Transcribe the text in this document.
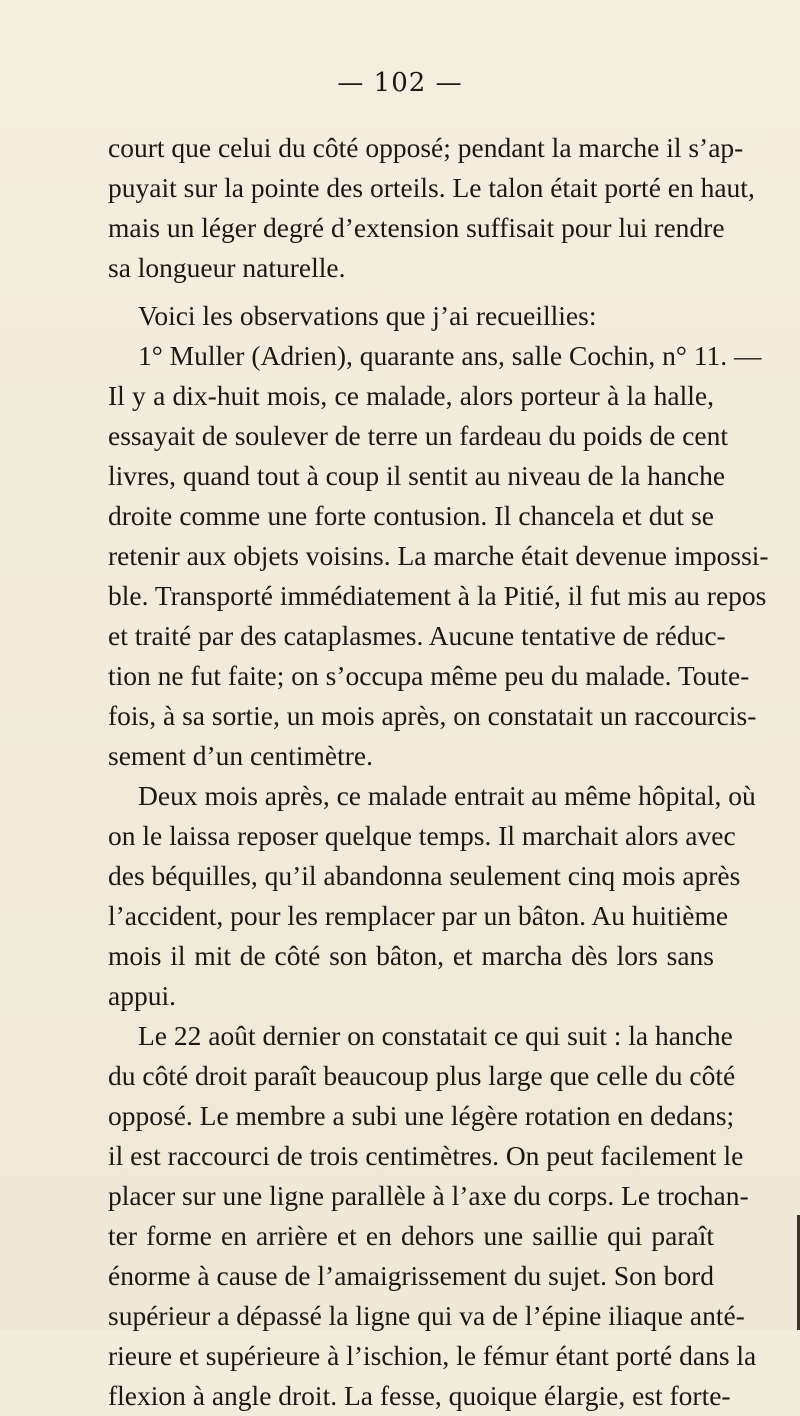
— 102 —
court que celui du côté opposé; pendant la marche il s’ap-
puyait sur la pointe des orteils. Le talon était porté en haut,
mais un léger degré d’extension suffisait pour lui rendre
sa longueur naturelle.
Voici les observations que j’ai recueillies:
1° Muller (Adrien), quarante ans, salle Cochin, n° 11. —
Il y a dix-huit mois, ce malade, alors porteur à la halle,
essayait de soulever de terre un fardeau du poids de cent
livres, quand tout à coup il sentit au niveau de la hanche
droite comme une forte contusion. Il chancela et dut se
retenir aux objets voisins. La marche était devenue impossi-
ble. Transporté immédiatement à la Pitié, il fut mis au repos
et traité par des cataplasmes. Aucune tentative de réduc-
tion ne fut faite; on s’occupa même peu du malade. Toute-
fois, à sa sortie, un mois après, on constatait un raccourcis-
sement d’un centimètre.
Deux mois après, ce malade entrait au même hôpital, où
on le laissa reposer quelque temps. Il marchait alors avec
des béquilles, qu’il abandonna seulement cinq mois après
l’accident, pour les remplacer par un bâton. Au huitième
mois il mit de côté son bâton, et marcha dès lors sans
appui.
Le 22 août dernier on constatait ce qui suit : la hanche
du côté droit paraît beaucoup plus large que celle du côté
opposé. Le membre a subi une légère rotation en dedans;
il est raccourci de trois centimètres. On peut facilement le
placer sur une ligne parallèle à l’axe du corps. Le trochan-
ter forme en arrière et en dehors une saillie qui paraît
énorme à cause de l’amaigrissement du sujet. Son bord
supérieur a dépassé la ligne qui va de l’épine iliaque anté-
rieure et supérieure à l’ischion, le fémur étant porté dans la
flexion à angle droit. La fesse, quoique élargie, est forte-
